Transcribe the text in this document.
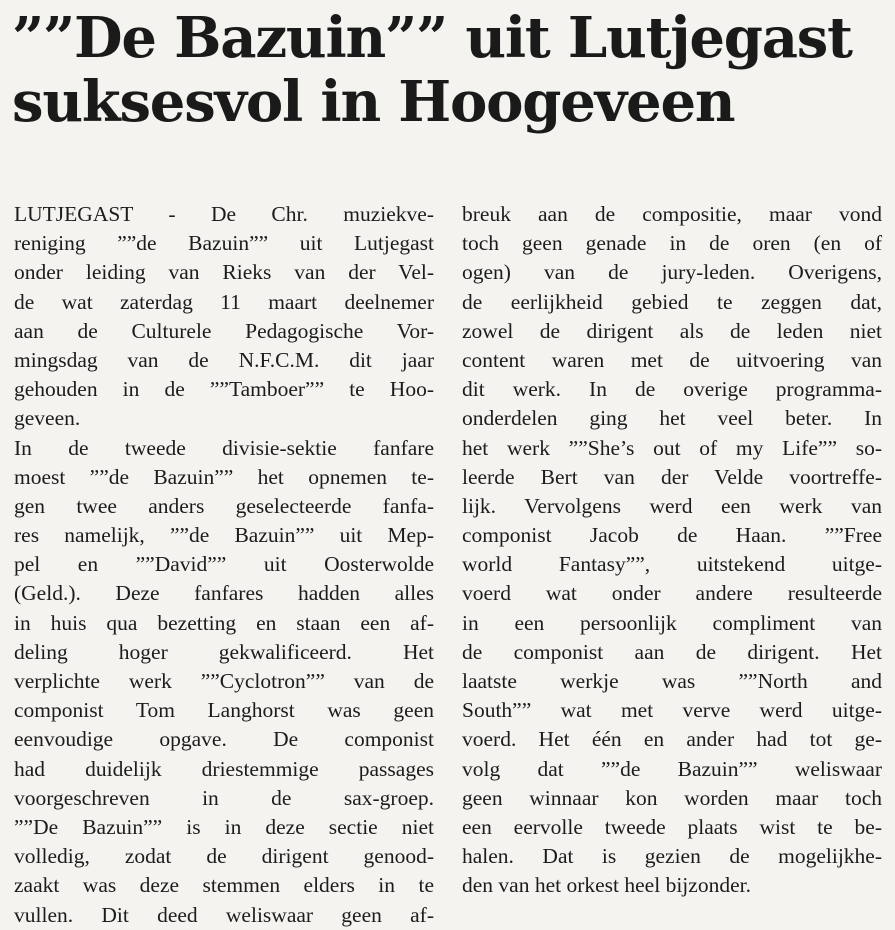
””De Bazuin”” uit Lutjegast
suksesvol in Hoogeveen
LUTJEGAST - De Chr. muziekve-
reniging ””de Bazuin”” uit Lutjegast
onder leiding van Rieks van der Vel-
de wat zaterdag 11 maart deelnemer
aan de Culturele Pedagogische Vor-
mingsdag van de N.F.C.M. dit jaar
gehouden in de ””Tamboer”” te Hoo-
geveen.
In de tweede divisie-sektie fanfare
moest ””de Bazuin”” het opnemen te-
gen twee anders geselecteerde fanfa-
res namelijk, ””de Bazuin”” uit Mep-
pel en ””David”” uit Oosterwolde
(Geld.). Deze fanfares hadden alles
in huis qua bezetting en staan een af-
deling hoger gekwalificeerd. Het
verplichte werk ””Cyclotron”” van de
componist Tom Langhorst was geen
eenvoudige opgave. De componist
had duidelijk driestemmige passages
voorgeschreven in de sax-groep.
””De Bazuin”” is in deze sectie niet
volledig, zodat de dirigent genood-
zaakt was deze stemmen elders in te
vullen. Dit deed weliswaar geen af-
breuk aan de compositie, maar vond
toch geen genade in de oren (en of
ogen) van de jury-leden. Overigens,
de eerlijkheid gebied te zeggen dat,
zowel de dirigent als de leden niet
content waren met de uitvoering van
dit werk. In de overige programma-
onderdelen ging het veel beter. In
het werk ””She’s out of my Life”” so-
leerde Bert van der Velde voortreffe-
lijk. Vervolgens werd een werk van
componist Jacob de Haan. ””Free
world Fantasy””, uitstekend uitge-
voerd wat onder andere resulteerde
in een persoonlijk compliment van
de componist aan de dirigent. Het
laatste werkje was ””North and
South”” wat met verve werd uitge-
voerd. Het één en ander had tot ge-
volg dat ””de Bazuin”” weliswaar
geen winnaar kon worden maar toch
een eervolle tweede plaats wist te be-
halen. Dat is gezien de mogelijkhe-
den van het orkest heel bijzonder.
